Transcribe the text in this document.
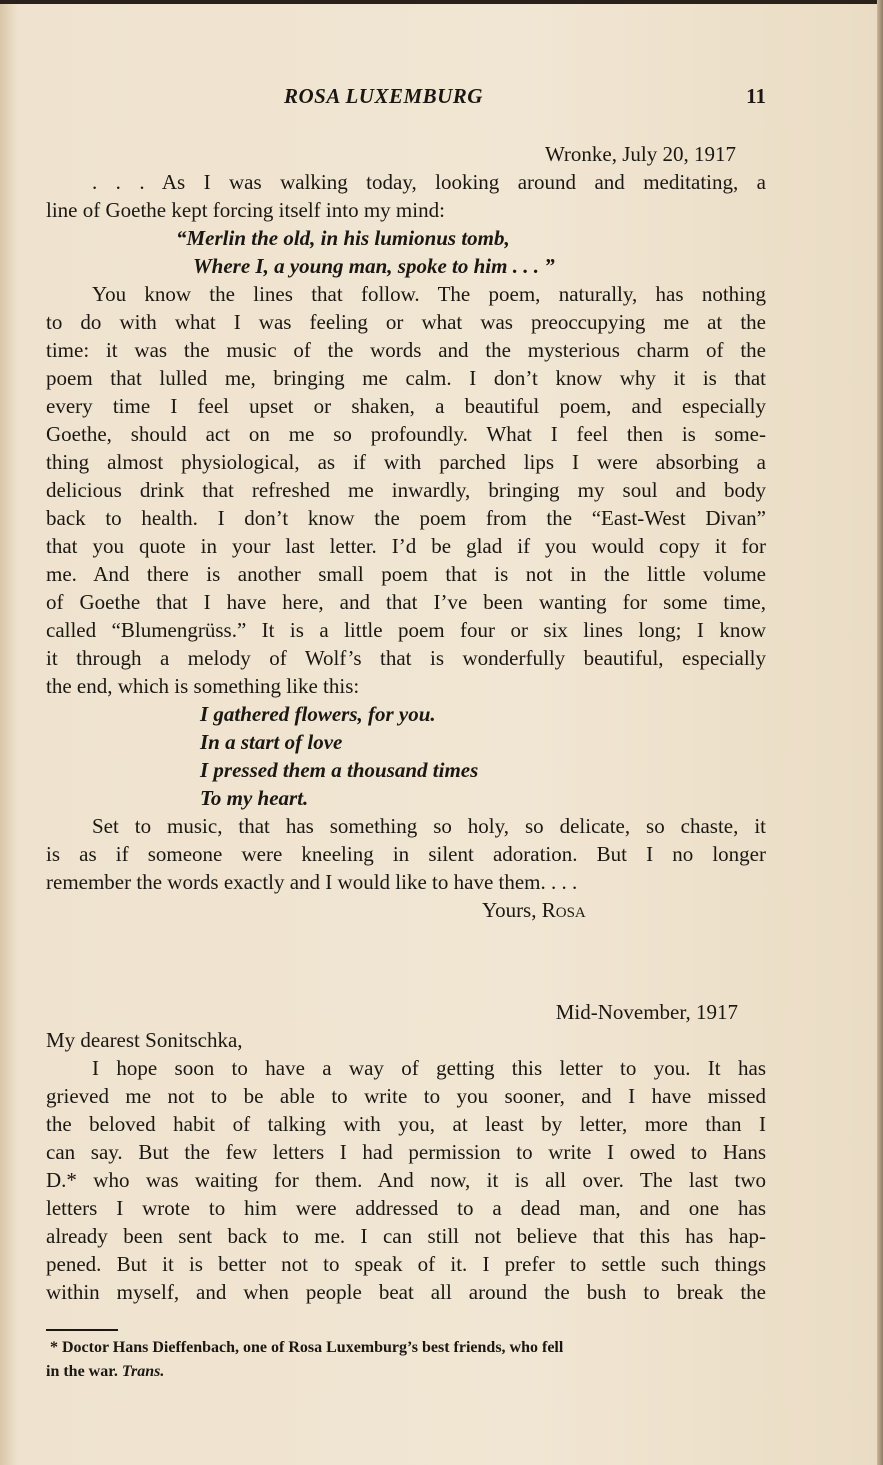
ROSA LUXEMBURG	11
Wronke, July 20, 1917
. . . As I was walking today, looking around and meditating, a
line of Goethe kept forcing itself into my mind:
“Merlin the old, in his lumionus tomb,
Where I, a young man, spoke to him . . . ”
You know the lines that follow. The poem, naturally, has nothing
to do with what I was feeling or what was preoccupying me at the
time: it was the music of the words and the mysterious charm of the
poem that lulled me, bringing me calm. I don’t know why it is that
every time I feel upset or shaken, a beautiful poem, and especially
Goethe, should act on me so profoundly. What I feel then is some-
thing almost physiological, as if with parched lips I were absorbing a
delicious drink that refreshed me inwardly, bringing my soul and body
back to health. I don’t know the poem from the “East-West Divan”
that you quote in your last letter. I’d be glad if you would copy it for
me. And there is another small poem that is not in the little volume
of Goethe that I have here, and that I’ve been wanting for some time,
called “Blumengrüss.” It is a little poem four or six lines long; I know
it through a melody of Wolf’s that is wonderfully beautiful, especially
the end, which is something like this:
I gathered flowers, for you.
In a start of love
I pressed them a thousand times
To my heart.
Set to music, that has something so holy, so delicate, so chaste, it
is as if someone were kneeling in silent adoration. But I no longer
remember the words exactly and I would like to have them. . . .
Yours, Rosa
Mid-November, 1917
My dearest Sonitschka,
I hope soon to have a way of getting this letter to you. It has
grieved me not to be able to write to you sooner, and I have missed
the beloved habit of talking with you, at least by letter, more than I
can say. But the few letters I had permission to write I owed to Hans
D.* who was waiting for them. And now, it is all over. The last two
letters I wrote to him were addressed to a dead man, and one has
already been sent back to me. I can still not believe that this has hap-
pened. But it is better not to speak of it. I prefer to settle such things
within myself, and when people beat all around the bush to break the
* Doctor Hans Dieffenbach, one of Rosa Luxemburg’s best friends, who fell
in the war. Trans.
